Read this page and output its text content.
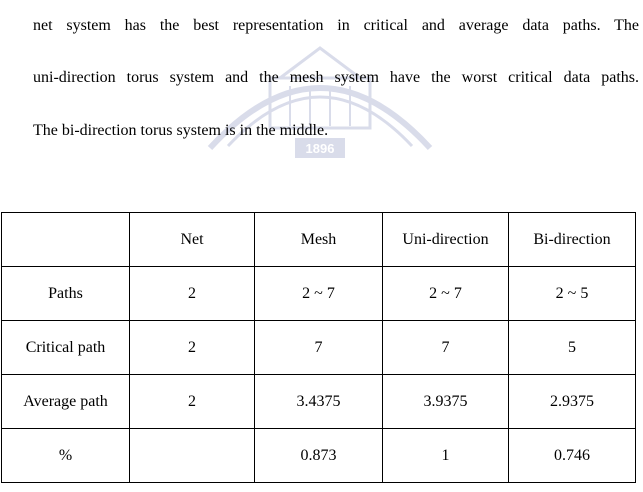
1896
net system has the best representation in critical and average data paths. The
uni-direction torus system and the mesh system have the worst critical data paths.
The bi-direction torus system is in the middle.
	Net	Mesh	Uni-direction	Bi-direction
Paths	2	2 ~ 7	2 ~ 7	2 ~ 5
Critical path	2	7	7	5
Average path	2	3.4375	3.9375	2.9375
%		0.873	1	0.746
